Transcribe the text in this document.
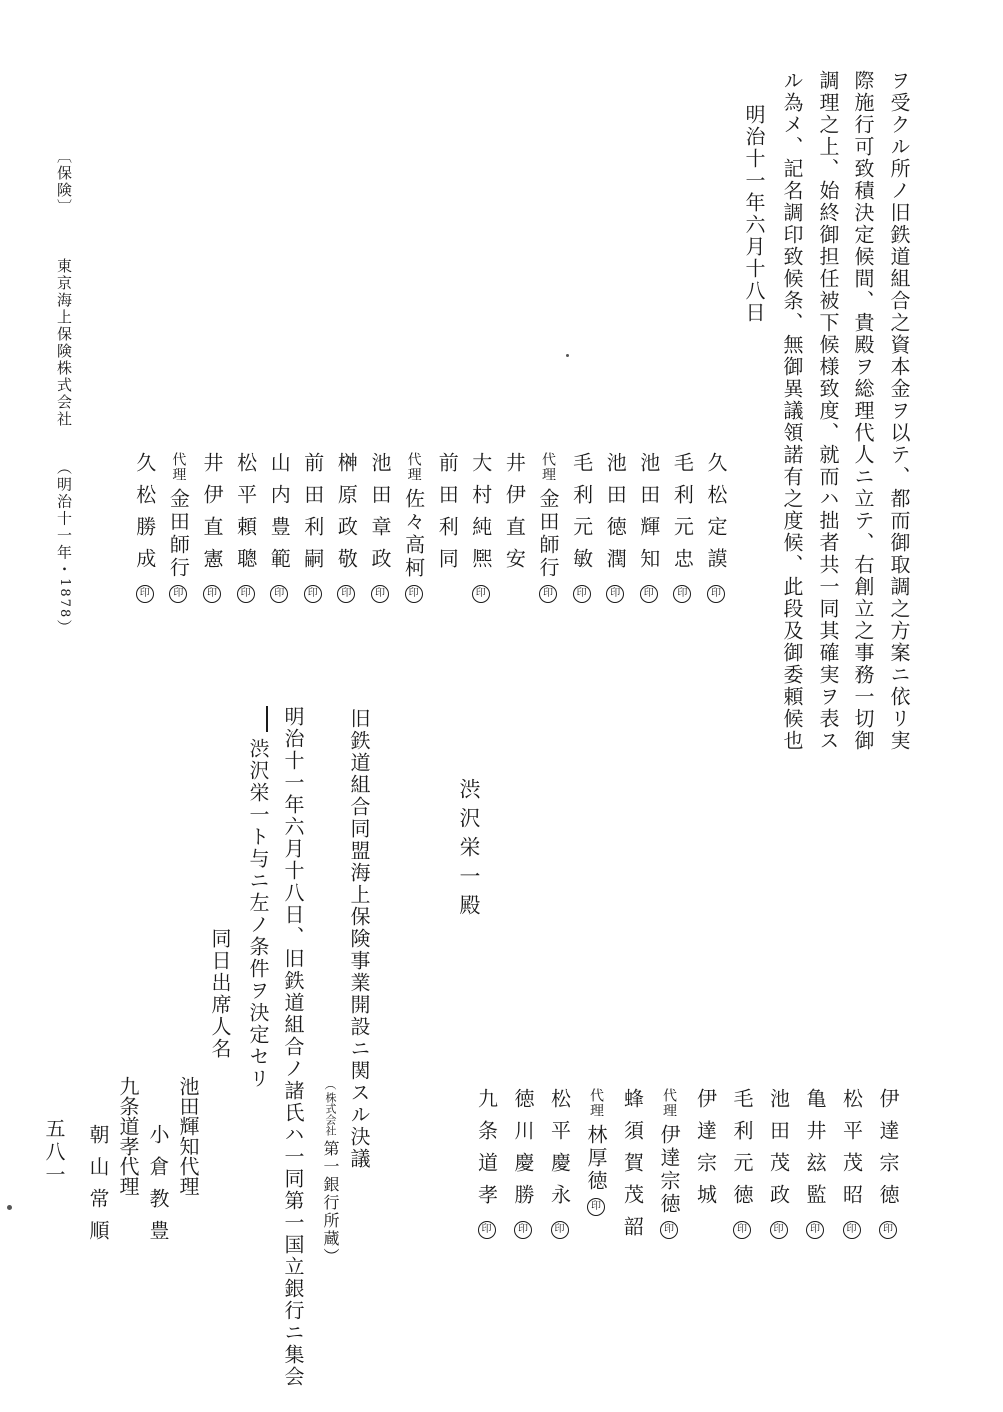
ヲ受クル所ノ旧鉄道組合之資本金ヲ以テ、都而御取調之方案ニ依リ実
際施行可致積決定候間、貴殿ヲ総理代人ニ立テ、右創立之事務一切御
調理之上、始終御担任被下候様致度、就而ハ拙者共一同其確実ヲ表ス
ル為メ、記名調印致候条、無御異議領諾有之度候、此段及御委頼候也
明治十一年六月十八日
渋沢栄一殿
久松定謨印
毛利元忠印
池田輝知印
池田徳潤印
毛利元敏印
代理金田師行印
井伊直安
大村純熈印
前田利同
代理佐々高柯印
池田章政印
榊原政敬印
前田利嗣印
山内豊範印
松平頼聰印
井伊直憲印
代理金田師行印
久松勝成印
伊達宗徳印
松平茂昭印
亀井玆監印
池田茂政印
毛利元徳印
伊達宗城
代理伊達宗徳印
蜂須賀茂韶
代理林厚徳印
松平慶永印
徳川慶勝印
九条道孝印
旧鉄道組合同盟海上保険事業開設ニ関スル決議
（株式会社第一銀行所蔵）
明治十一年六月十八日、旧鉄道組合ノ諸氏ハ一同第一国立銀行ニ集会
渋沢栄一ト与ニ左ノ条件ヲ決定セリ
同日出席人名
池田輝知代理
小倉教豊
九条道孝代理
朝山常順
〔保険〕  東京海上保険株式会社  （明治十一年・1878）
五八一
